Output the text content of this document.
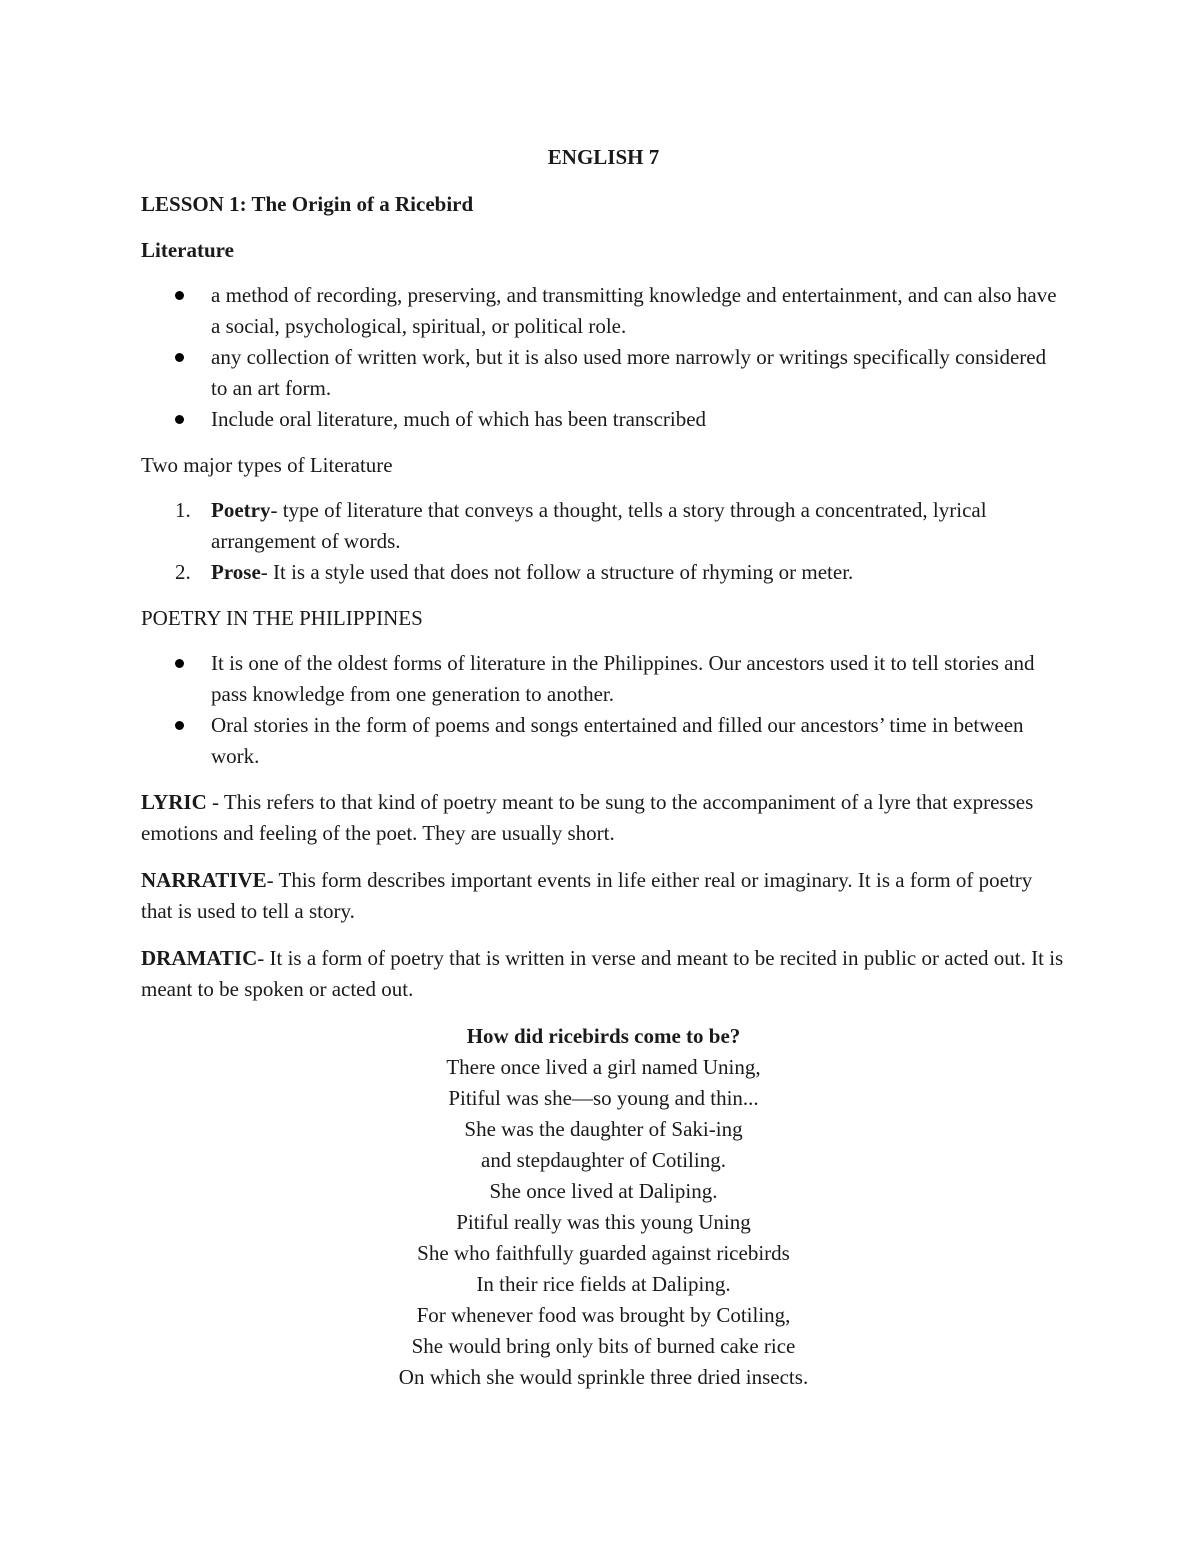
ENGLISH 7

LESSON 1: The Origin of a Ricebird

Literature

a method of recording, preserving, and transmitting knowledge and entertainment, and can also have a social, psychological, spiritual, or political role.
any collection of written work, but it is also used more narrowly or writings specifically considered to an art form.
Include oral literature, much of which has been transcribed

Two major types of Literature

1. Poetry- type of literature that conveys a thought, tells a story through a concentrated, lyrical arrangement of words.
2. Prose- It is a style used that does not follow a structure of rhyming or meter.

POETRY IN THE PHILIPPINES

It is one of the oldest forms of literature in the Philippines. Our ancestors used it to tell stories and pass knowledge from one generation to another.
Oral stories in the form of poems and songs entertained and filled our ancestors’ time in between work.

LYRIC - This refers to that kind of poetry meant to be sung to the accompaniment of a lyre that expresses emotions and feeling of the poet. They are usually short.

NARRATIVE- This form describes important events in life either real or imaginary. It is a form of poetry that is used to tell a story.

DRAMATIC- It is a form of poetry that is written in verse and meant to be recited in public or acted out. It is meant to be spoken or acted out.

How did ricebirds come to be?

There once lived a girl named Uning,

Pitiful was she—so young and thin...

She was the daughter of Saki-ing

and stepdaughter of Cotiling.

She once lived at Daliping.

Pitiful really was this young Uning

She who faithfully guarded against ricebirds

In their rice fields at Daliping.

For whenever food was brought by Cotiling,

She would bring only bits of burned cake rice

On which she would sprinkle three dried insects.
